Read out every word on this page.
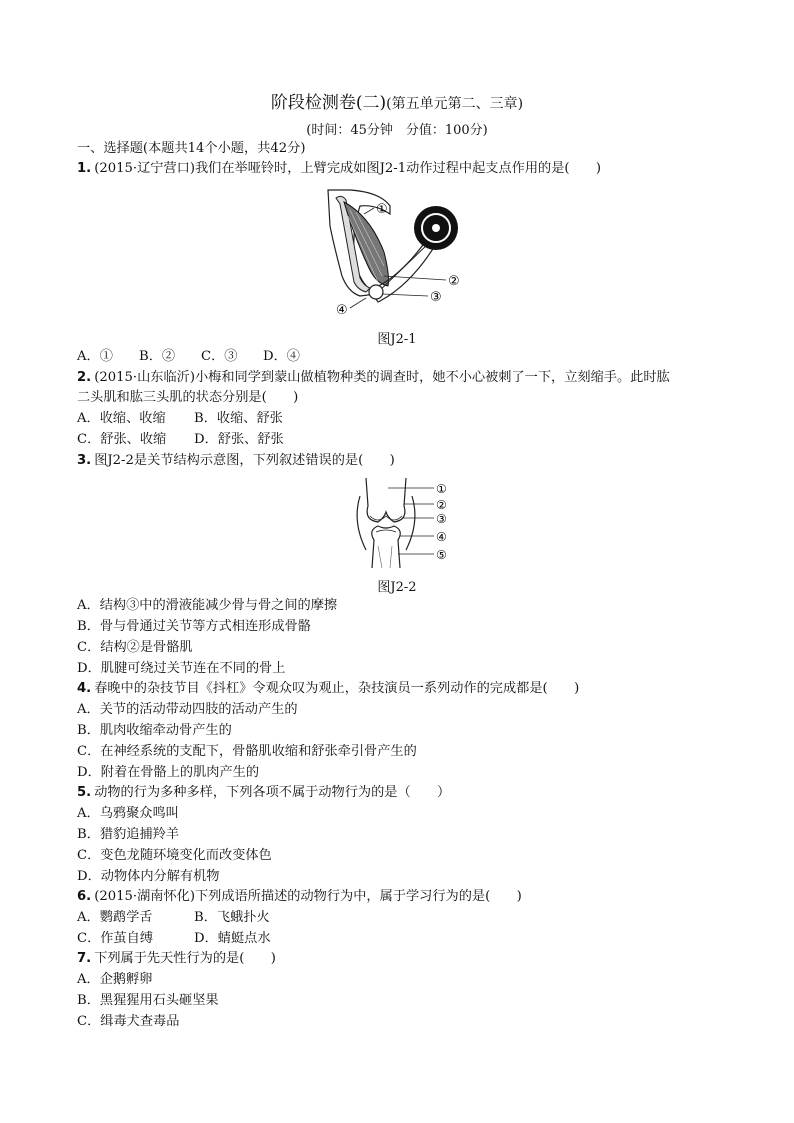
阶段检测卷(二)(第五单元第二、三章)
(时间：45分钟　分值：100分)
一、选择题(本题共14个小题，共42分)
1. (2015·辽宁营口)我们在举哑铃时，上臂完成如图J2-1动作过程中起支点作用的是(　　)
①
②
③
④
图J2-1
A．① B．② C．③ D．④
2. (2015·山东临沂)小梅和同学到蒙山做植物种类的调查时，她不小心被刺了一下，立刻缩手。此时肱
二头肌和肱三头肌的状态分别是(　　)
A．收缩、收缩 B．收缩、舒张
C．舒张、收缩 D．舒张、舒张
3. 图J2-2是关节结构示意图，下列叙述错误的是(　　)
①
②
③
④
⑤
图J2-2
A．结构③中的滑液能减少骨与骨之间的摩擦
B．骨与骨通过关节等方式相连形成骨骼
C．结构②是骨骼肌
D．肌腱可绕过关节连在不同的骨上
4. 春晚中的杂技节目《抖杠》令观众叹为观止，杂技演员一系列动作的完成都是(　　)
A．关节的活动带动四肢的活动产生的
B．肌肉收缩牵动骨产生的
C．在神经系统的支配下，骨骼肌收缩和舒张牵引骨产生的
D．附着在骨骼上的肌肉产生的
5. 动物的行为多种多样，下列各项不属于动物行为的是（　　）
A．乌鸦聚众鸣叫
B．猎豹追捕羚羊
C．变色龙随环境变化而改变体色
D．动物体内分解有机物
6. (2015·湖南怀化)下列成语所描述的动物行为中，属于学习行为的是(　　)
A．鹦鹉学舌	B．飞蛾扑火
C．作茧自缚	D．蜻蜓点水
7. 下列属于先天性行为的是(　　)
A．企鹅孵卵
B．黑猩猩用石头砸坚果
C．缉毒犬查毒品
